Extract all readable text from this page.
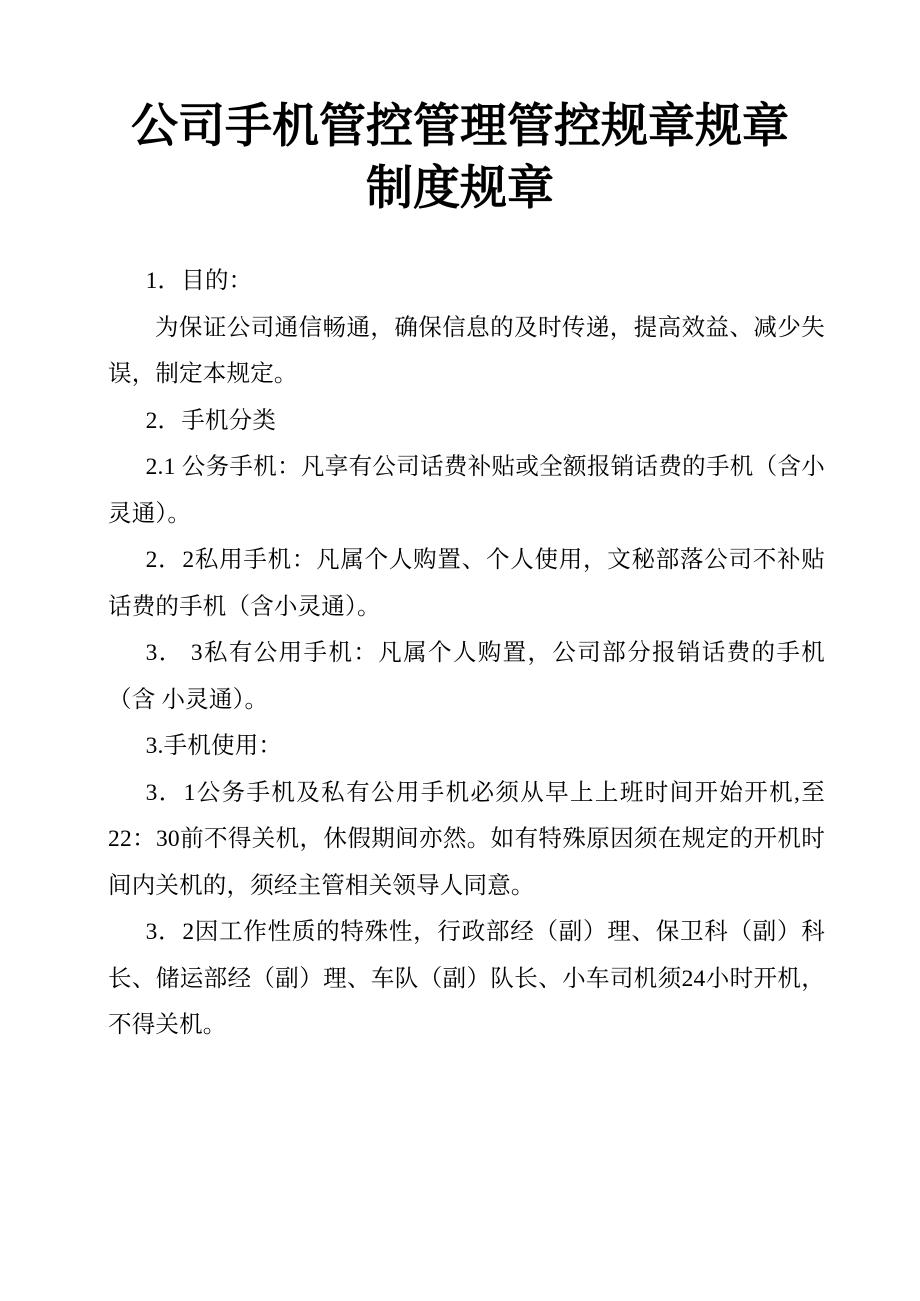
公司手机管控管理管控规章规章制度规章

1．目的：

为保证公司通信畅通，确保信息的及时传递，提高效益、减少失误，制定本规定。

2．手机分类

2.1 公务手机：凡享有公司话费补贴或全额报销话费的手机（含小灵通）。

2．2私用手机：凡属个人购置、个人使用，文秘部落公司不补贴话费的手机（含小灵通）。

3． 3私有公用手机：凡属个人购置，公司部分报销话费的手机（含 小灵通）。

3.手机使用：

3．1公务手机及私有公用手机必须从早上上班时间开始开机,至22：30前不得关机，休假期间亦然。如有特殊原因须在规定的开机时间内关机的，须经主管相关领导人同意。

3．2因工作性质的特殊性，行政部经（副）理、保卫科（副）科长、储运部经（副）理、车队（副）队长、小车司机须24小时开机，不得关机。
